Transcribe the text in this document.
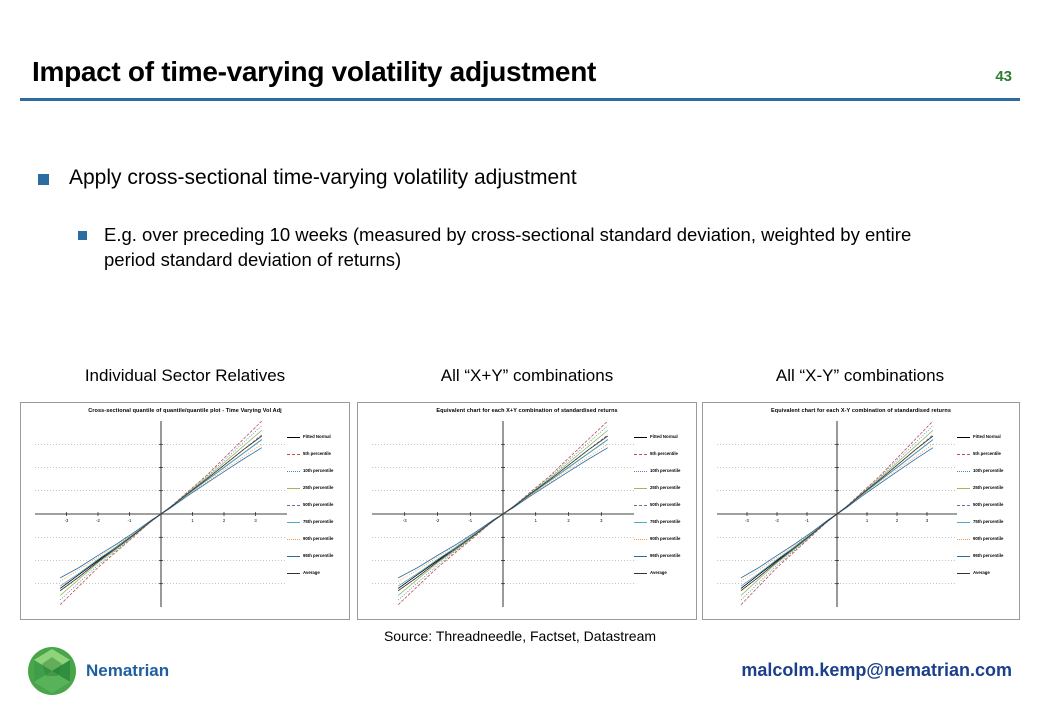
Impact of time-varying volatility adjustment	43
Apply cross-sectional time-varying volatility adjustment
E.g. over preceding 10 weeks (measured by cross-sectional standard deviation, weighted by entire period standard deviation of returns)
Individual Sector Relatives	All “X+Y” combinations	All “X-Y” combinations
Cross-sectional quantile of quantile/quantile plot - Time Varying Vol Adj
-3	-2	-1	1	2	3
Fitted Normal
5th percentile
10th percentile
25th percentile
50th percentile
75th percentile
90th percentile
95th percentile
Average
Equivalent chart for each X+Y combination of standardised returns
-3	-2	-1	1	2	3
Fitted Normal
5th percentile
10th percentile
25th percentile
50th percentile
75th percentile
90th percentile
95th percentile
Average
Equivalent chart for each X-Y combination of standardised returns
-3	-2	-1	1	2	3
Fitted Normal
5th percentile
10th percentile
25th percentile
50th percentile
75th percentile
90th percentile
95th percentile
Average
Source: Threadneedle, Factset, Datastream
Nematrian	malcolm.kemp@nematrian.com
